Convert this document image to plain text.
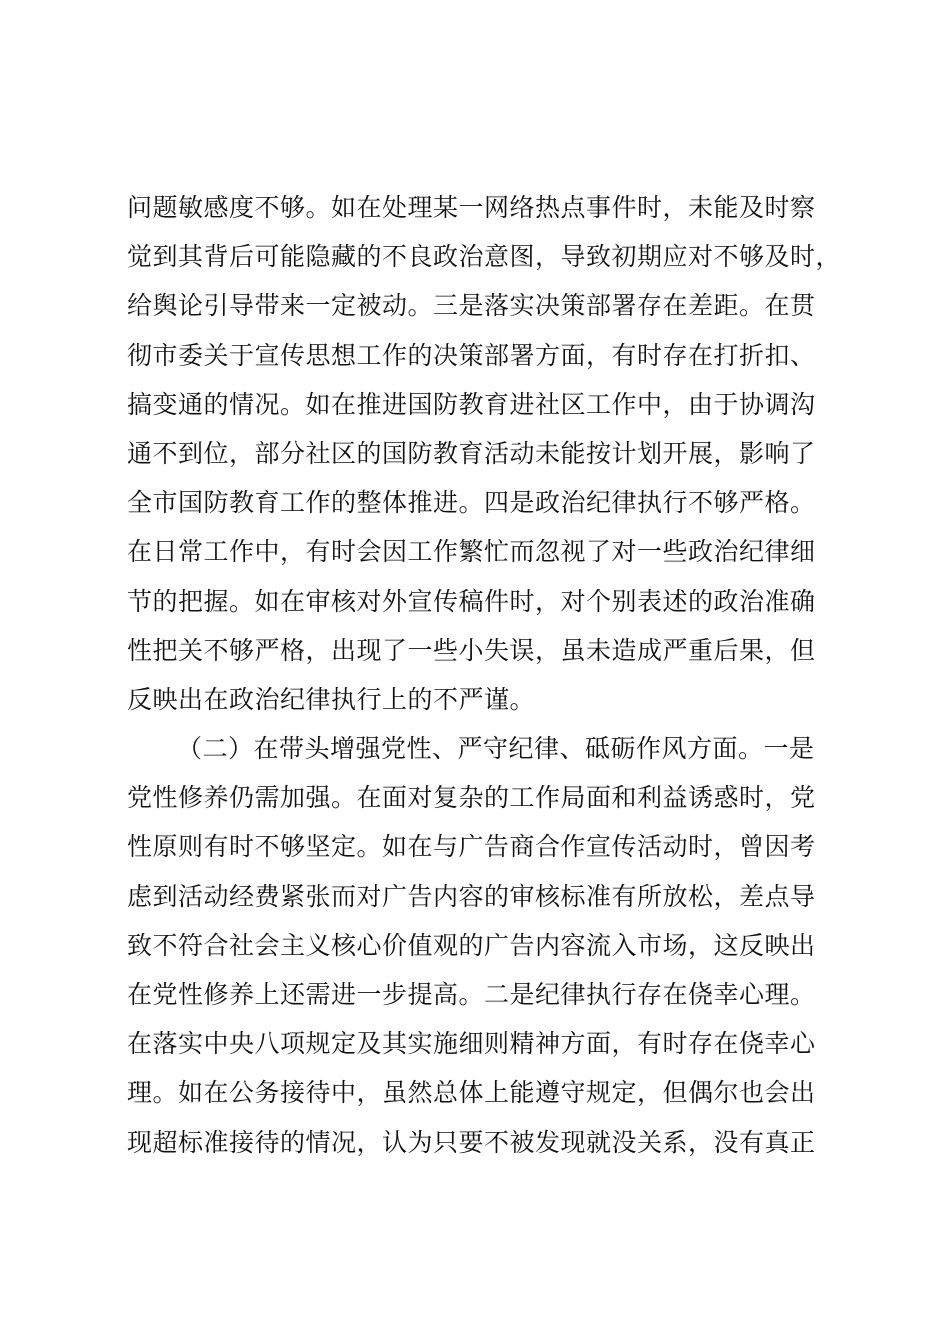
问题敏感度不够。如在处理某一网络热点事件时，未能及时察
觉到其背后可能隐藏的不良政治意图，导致初期应对不够及时，
给舆论引导带来一定被动。三是落实决策部署存在差距。在贯
彻市委关于宣传思想工作的决策部署方面，有时存在打折扣、
搞变通的情况。如在推进国防教育进社区工作中，由于协调沟
通不到位，部分社区的国防教育活动未能按计划开展，影响了
全市国防教育工作的整体推进。四是政治纪律执行不够严格。
在日常工作中，有时会因工作繁忙而忽视了对一些政治纪律细
节的把握。如在审核对外宣传稿件时，对个别表述的政治准确
性把关不够严格，出现了一些小失误，虽未造成严重后果，但
反映出在政治纪律执行上的不严谨。
（二）在带头增强党性、严守纪律、砥砺作风方面。一是
党性修养仍需加强。在面对复杂的工作局面和利益诱惑时，党
性原则有时不够坚定。如在与广告商合作宣传活动时，曾因考
虑到活动经费紧张而对广告内容的审核标准有所放松，差点导
致不符合社会主义核心价值观的广告内容流入市场，这反映出
在党性修养上还需进一步提高。二是纪律执行存在侥幸心理。
在落实中央八项规定及其实施细则精神方面，有时存在侥幸心
理。如在公务接待中，虽然总体上能遵守规定，但偶尔也会出
现超标准接待的情况，认为只要不被发现就没关系，没有真正
